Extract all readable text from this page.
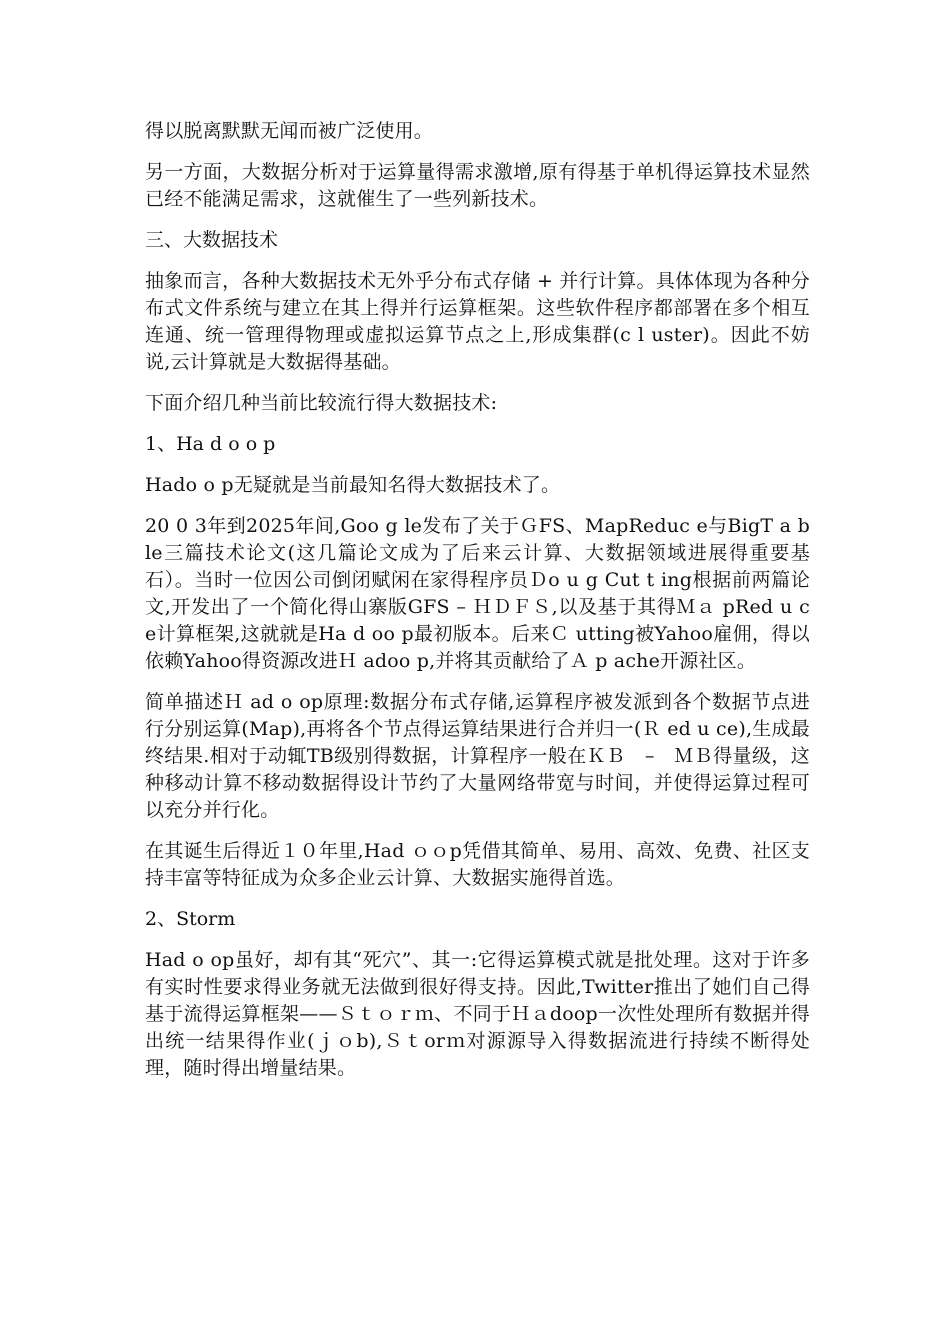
得以脱离默默无闻而被广泛使用。

另一方面，大数据分析对于运算量得需求激增,原有得基于单机得运算技术显然已经不能满足需求，这就催生了一些列新技术。

三、大数据技术

抽象而言，各种大数据技术无外乎分布式存储 + 并行计算。具体体现为各种分布式文件系统与建立在其上得并行运算框架。这些软件程序都部署在多个相互连通、统一管理得物理或虚拟运算节点之上,形成集群(c l uster)。因此不妨说,云计算就是大数据得基础。

下面介绍几种当前比较流行得大数据技术:

1、Ha d o o p

Hado o p无疑就是当前最知名得大数据技术了。

20 0 3年到2025年间,Goo g le发布了关于ＧFS、MapReduc e与BigT a ble三篇技术论文(这几篇论文成为了后来云计算、大数据领域进展得重要基石）。当时一位因公司倒闭赋闲在家得程序员Ｄo u g Cut t ing根据前两篇论文,开发出了一个简化得山寨版GFS – ＨＤＦＳ,以及基于其得Ｍａ pRed u c e计算框架,这就就是Ha d oo p最初版本。后来Ｃ utting被Yahoo雇佣，得以依赖Yahoo得资源改进Ｈ adoo p,并将其贡献给了Ａ p ache开源社区。

简单描述Ｈ ad o op原理:数据分布式存储,运算程序被发派到各个数据节点进行分别运算(Map),再将各个节点得运算结果进行合并归一(Ｒ ed u ce),生成最终结果.相对于动辄TB级别得数据，计算程序一般在ＫＢ　–　ＭＢ得量级，这种移动计算不移动数据得设计节约了大量网络带宽与时间，并使得运算过程可以充分并行化。

在其诞生后得近１０年里,Had ｏｏp凭借其简单、易用、高效、免费、社区支持丰富等特征成为众多企业云计算、大数据实施得首选。

2、Storm

Had o op虽好，却有其“死穴”、其一:它得运算模式就是批处理。这对于许多有实时性要求得业务就无法做到很好得支持。因此,Twitter推出了她们自己得基于流得运算框架——Ｓｔｏｒｍ、不同于Ｈａdoop一次性处理所有数据并得出统一结果得作业(ｊｏb),Ｓｔorｍ对源源导入得数据流进行持续不断得处理，随时得出增量结果。
